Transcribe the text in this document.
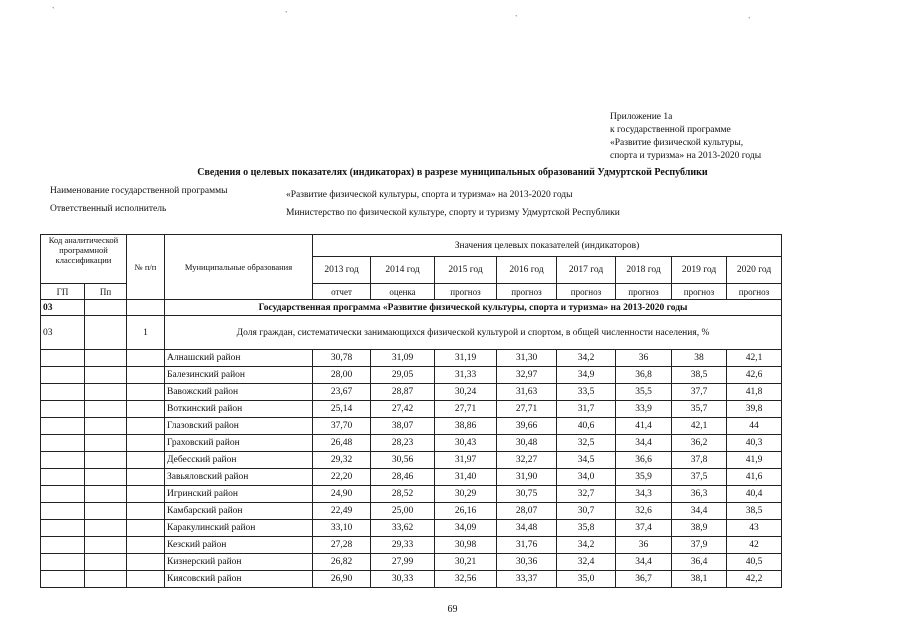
`	`	`	`
Приложение 1а
к государственной программе
«Развитие физической культуры,
спорта и туризма» на 2013-2020 годы
Сведения о целевых показателях (индикаторах) в разрезе муниципальных образований Удмуртской Республики
Наименование государственной программы	«Развитие физической культуры, спорта и туризма» на 2013-2020 годы
Ответственный исполнитель	Министерство по физической культуре, спорту и туризму Удмуртской Республики
Код аналитической программной классификации		№ п/п	Муниципальные образования	Значения целевых показателей (индикаторов)							
				2013 год	2014 год	2015 год	2016 год	2017 год	2018 год	2019 год	2020 год
ГП	Пп			отчет	оценка	прогноз	прогноз	прогноз	прогноз	прогноз	прогноз
03			Государственная программа «Развитие физической культуры, спорта и туризма» на 2013-2020 годы								
03		1	Доля граждан, систематически занимающихся физической культурой и спортом, в общей численности населения, %								
			Алнашский район	30,78	31,09	31,19	31,30	34,2	36	38	42,1
			Балезинский район	28,00	29,05	31,33	32,97	34,9	36,8	38,5	42,6
			Вавожский район	23,67	28,87	30,24	31,63	33,5	35,5	37,7	41,8
			Воткинский район	25,14	27,42	27,71	27,71	31,7	33,9	35,7	39,8
			Глазовский район	37,70	38,07	38,86	39,66	40,6	41,4	42,1	44
			Граховский район	26,48	28,23	30,43	30,48	32,5	34,4	36,2	40,3
			Дебесский район	29,32	30,56	31,97	32,27	34,5	36,6	37,8	41,9
			Завьяловский район	22,20	28,46	31,40	31,90	34,0	35,9	37,5	41,6
			Игринский район	24,90	28,52	30,29	30,75	32,7	34,3	36,3	40,4
			Камбарский район	22,49	25,00	26,16	28,07	30,7	32,6	34,4	38,5
			Каракулинский район	33,10	33,62	34,09	34,48	35,8	37,4	38,9	43
			Кезский район	27,28	29,33	30,98	31,76	34,2	36	37,9	42
			Кизнерский район	26,82	27,99	30,21	30,36	32,4	34,4	36,4	40,5
			Киясовский район	26,90	30,33	32,56	33,37	35,0	36,7	38,1	42,2
69
